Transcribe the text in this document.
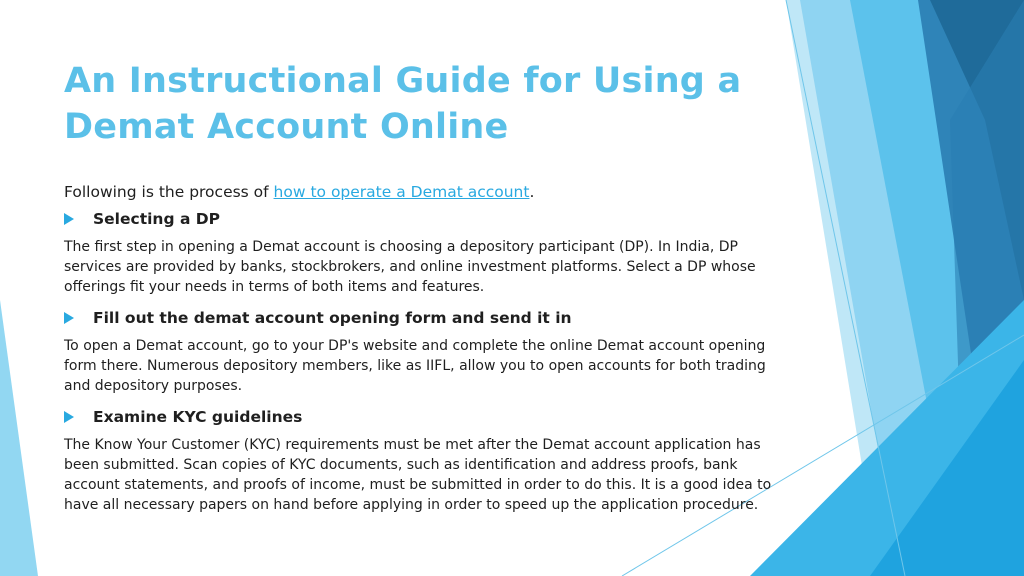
An Instructional Guide for Using a Demat Account Online

Following is the process of how to operate a Demat account.

Selecting a DP

The first step in opening a Demat account is choosing a depository participant (DP). In India, DP services are provided by banks, stockbrokers, and online investment platforms. Select a DP whose offerings fit your needs in terms of both items and features.

Fill out the demat account opening form and send it in

To open a Demat account, go to your DP's website and complete the online Demat account opening form there. Numerous depository members, like as IIFL, allow you to open accounts for both trading and depository purposes.

Examine KYC guidelines

The Know Your Customer (KYC) requirements must be met after the Demat account application has been submitted. Scan copies of KYC documents, such as identification and address proofs, bank account statements, and proofs of income, must be submitted in order to do this. It is a good idea to have all necessary papers on hand before applying in order to speed up the application procedure.
